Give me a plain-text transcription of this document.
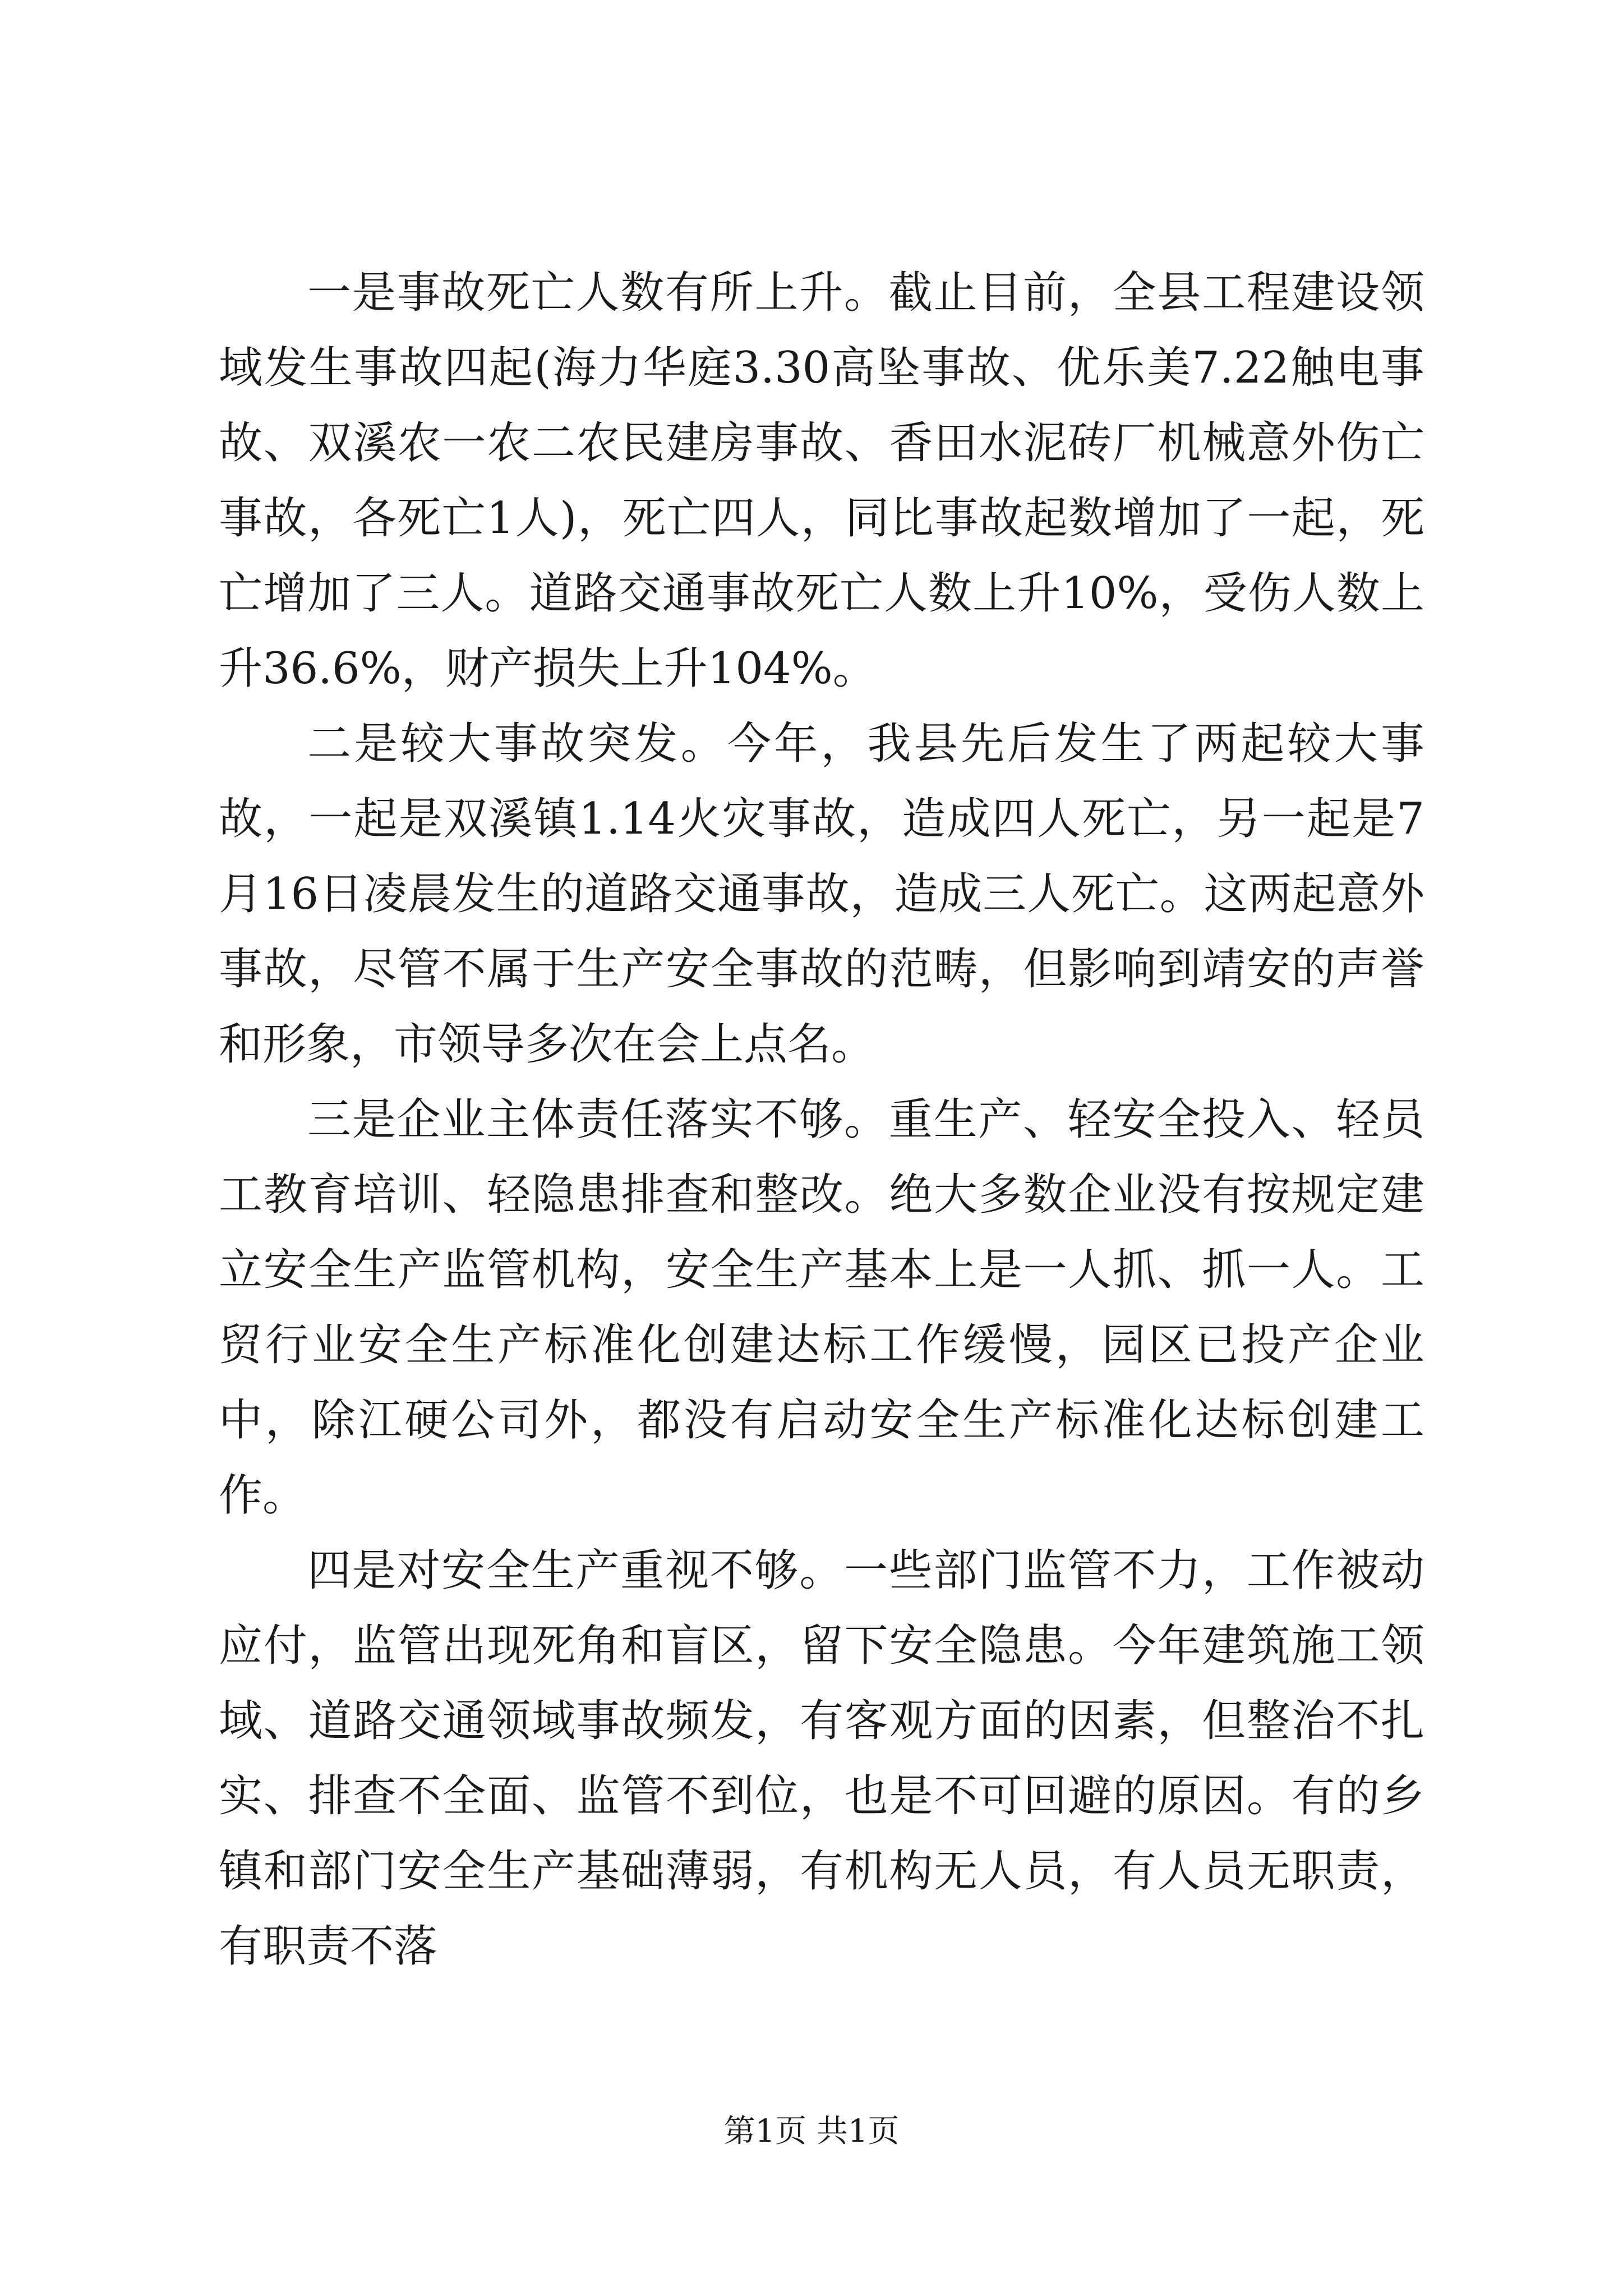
一是事故死亡人数有所上升。截止目前，全县工程建设领域发生事故四起(海力华庭3.30高坠事故、优乐美7.22触电事故、双溪农一农二农民建房事故、香田水泥砖厂机械意外伤亡事故，各死亡1人)，死亡四人，同比事故起数增加了一起，死亡增加了三人。道路交通事故死亡人数上升10%，受伤人数上升36.6%，财产损失上升104%。

二是较大事故突发。今年，我县先后发生了两起较大事故，一起是双溪镇1.14火灾事故，造成四人死亡，另一起是7月16日凌晨发生的道路交通事故，造成三人死亡。这两起意外事故，尽管不属于生产安全事故的范畴，但影响到靖安的声誉和形象，市领导多次在会上点名。

三是企业主体责任落实不够。重生产、轻安全投入、轻员工教育培训、轻隐患排查和整改。绝大多数企业没有按规定建立安全生产监管机构，安全生产基本上是一人抓、抓一人。工贸行业安全生产标准化创建达标工作缓慢，园区已投产企业中，除江硬公司外，都没有启动安全生产标准化达标创建工作。

四是对安全生产重视不够。一些部门监管不力，工作被动应付，监管出现死角和盲区，留下安全隐患。今年建筑施工领域、道路交通领域事故频发，有客观方面的因素，但整治不扎实、排查不全面、监管不到位，也是不可回避的原因。有的乡镇和部门安全生产基础薄弱，有机构无人员，有人员无职责，有职责不落

第1页 共1页
